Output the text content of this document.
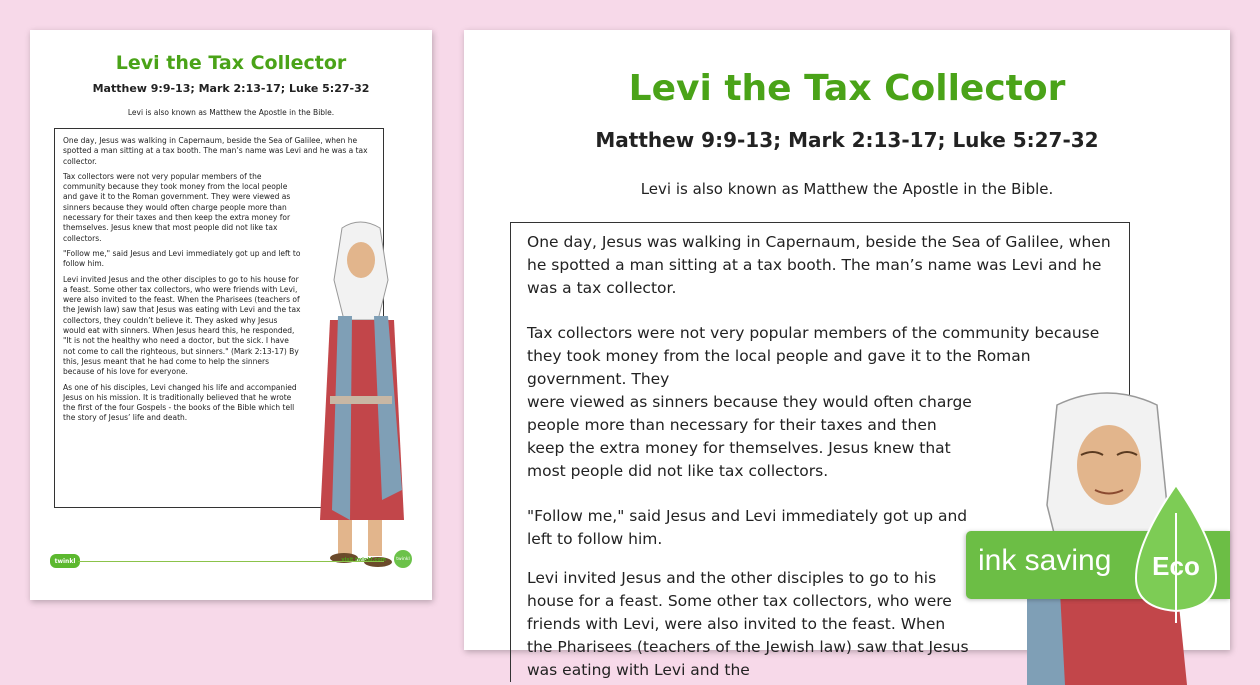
Levi the Tax Collector
Matthew 9:9-13; Mark 2:13-17; Luke 5:27-32
Levi is also known as Matthew the Apostle in the Bible.

One day, Jesus was walking in Capernaum, beside the Sea of Galilee, when he spotted a man sitting at a tax booth. The man’s name was Levi and he was a tax collector.

Tax collectors were not very popular members of the community because they took money from the local people and gave it to the Roman government. They were viewed as sinners because they would often charge people more than necessary for their taxes and then keep the extra money for themselves. Jesus knew that most people did not like tax collectors.

"Follow me," said Jesus and Levi immediately got up and left to follow him.

Levi invited Jesus and the other disciples to go to his house for a feast. Some other tax collectors, who were friends with Levi, were also invited to the feast. When the Pharisees (teachers of the Jewish law) saw that Jesus was eating with Levi and the tax collectors, they couldn’t believe it. They asked why Jesus would eat with sinners. When Jesus heard this, he responded, "It is not the healthy who need a doctor, but the sick. I have not come to call the righteous, but sinners." (Mark 2:13-17) By this, Jesus meant that he had come to help the sinners because of his love for everyone.

As one of his disciples, Levi changed his life and accompanied Jesus on his mission. It is traditionally believed that he wrote the first of the four Gospels - the books of the Bible which tell the story of Jesus’ life and death.

twinkl	visit twinkl.com	twinkl
Levi the Tax Collector
Matthew 9:9-13; Mark 2:13-17; Luke 5:27-32
Levi is also known as Matthew the Apostle in the Bible.

One day, Jesus was walking in Capernaum, beside the Sea of Galilee, when he spotted a man sitting at a tax booth. The man’s name was Levi and he was a tax collector.

Tax collectors were not very popular members of the community because they took money from the local people and gave it to the Roman government. They

were viewed as sinners because they would often charge people more than necessary for their taxes and then keep the extra money for themselves. Jesus knew that most people did not like tax collectors.

"Follow me," said Jesus and Levi immediately got up and left to follow him.

Levi invited Jesus and the other disciples to go to his house for a feast. Some other tax collectors, who were friends with Levi, were also invited to the feast. When the Pharisees (teachers of the Jewish law) saw that Jesus was eating with Levi and the

ink saving Eco
